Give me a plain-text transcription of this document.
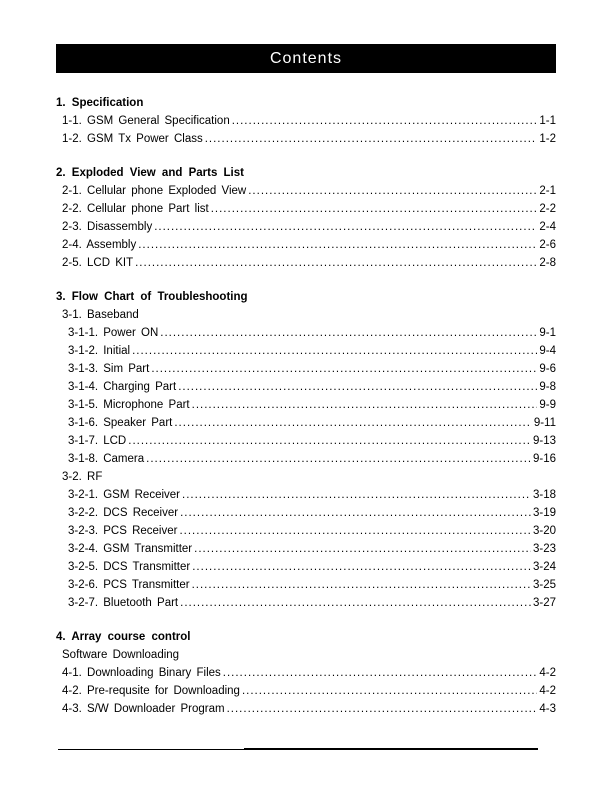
Contents
1. Specification
1-1. GSM General Specification .....	1-1
1-2. GSM Tx Power Class .....	1-2
2. Exploded View and Parts List
2-1. Cellular phone Exploded View .....	2-1
2-2. Cellular phone Part list .....	2-2
2-3. Disassembly .....	2-4
2-4. Assembly .....	2-6
2-5. LCD KIT .....	2-8
3. Flow Chart of Troubleshooting
3-1. Baseband
3-1-1. Power ON .....	9-1
3-1-2. Initial .....	9-4
3-1-3. Sim Part .....	9-6
3-1-4. Charging Part .....	9-8
3-1-5. Microphone Part .....	9-9
3-1-6. Speaker Part .....	9-11
3-1-7. LCD .....	9-13
3-1-8. Camera .....	9-16
3-2. RF
3-2-1. GSM Receiver .....	3-18
3-2-2. DCS Receiver .....	3-19
3-2-3. PCS Receiver .....	3-20
3-2-4. GSM Transmitter .....	3-23
3-2-5. DCS Transmitter .....	3-24
3-2-6. PCS Transmitter .....	3-25
3-2-7. Bluetooth Part .....	3-27
4. Array course control
Software Downloading
4-1. Downloading Binary Files .....	4-2
4-2. Pre-requsite for Downloading .....	4-2
4-3. S/W Downloader Program .....	4-3
